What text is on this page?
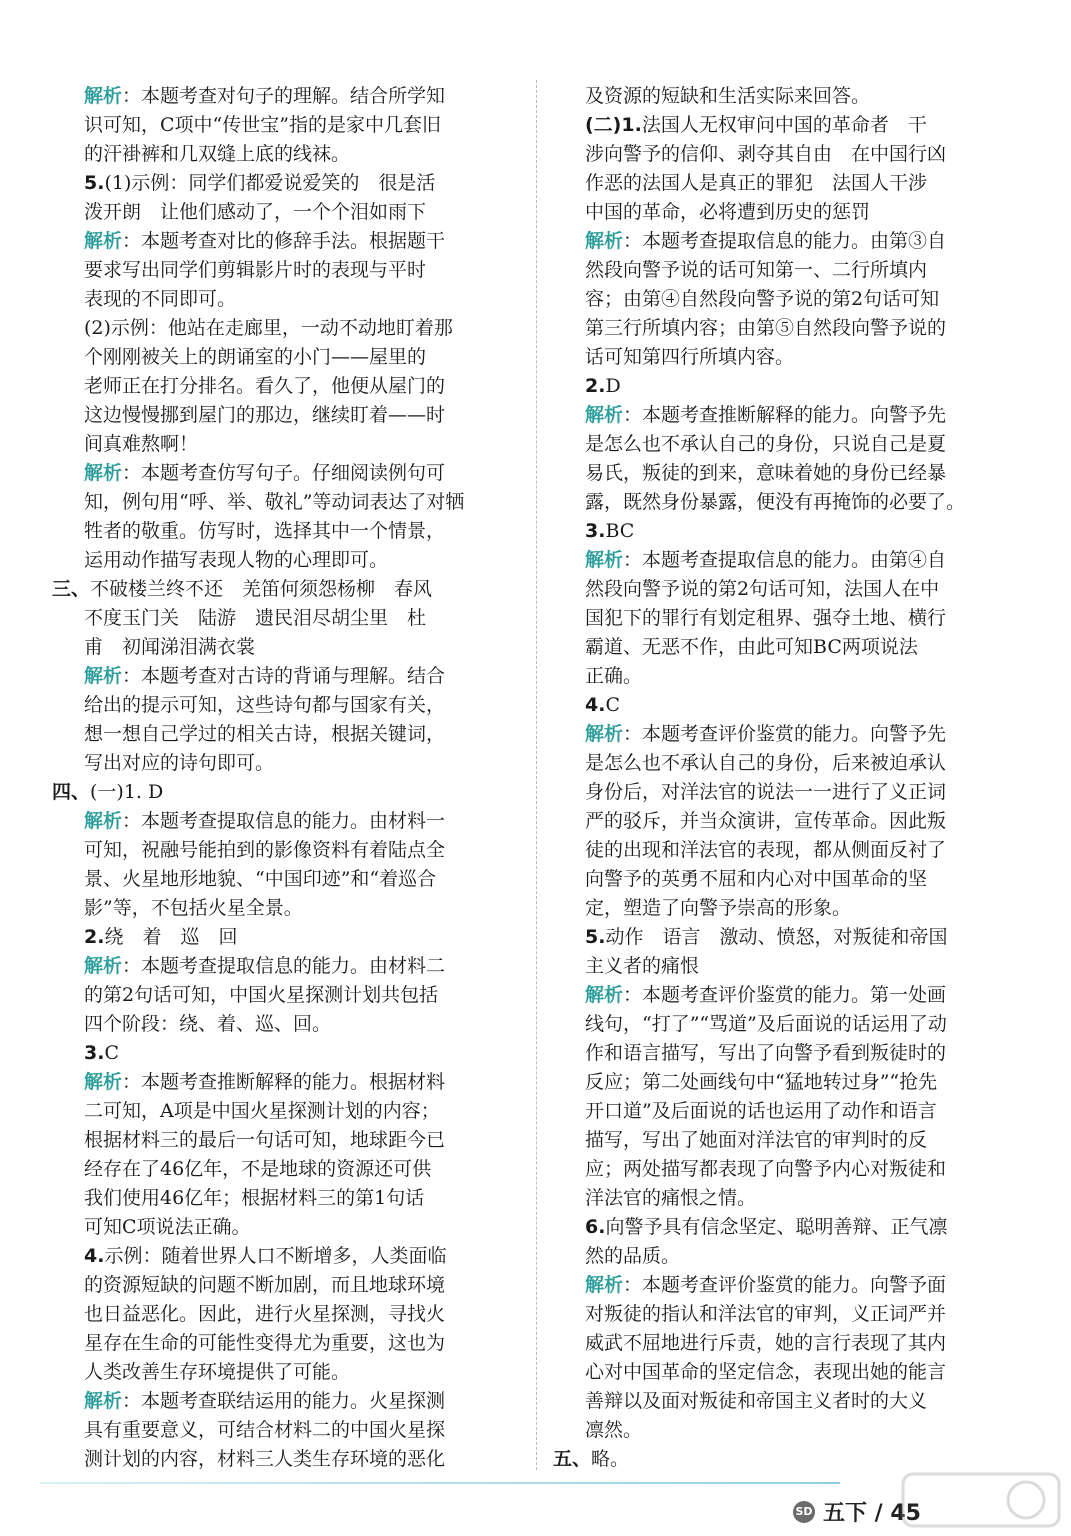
解析：本题考查对句子的理解。结合所学知
识可知，C项中“传世宝”指的是家中几套旧
的汗褂裤和几双缝上底的线袜。
5.(1)示例：同学们都爱说爱笑的　很是活
泼开朗　让他们感动了，一个个泪如雨下
解析：本题考查对比的修辞手法。根据题干
要求写出同学们剪辑影片时的表现与平时
表现的不同即可。
(2)示例：他站在走廊里，一动不动地盯着那
个刚刚被关上的朗诵室的小门——屋里的
老师正在打分排名。看久了，他便从屋门的
这边慢慢挪到屋门的那边，继续盯着——时
间真难熬啊！
解析：本题考查仿写句子。仔细阅读例句可
知，例句用“呼、举、敬礼”等动词表达了对牺
牲者的敬重。仿写时，选择其中一个情景，
运用动作描写表现人物的心理即可。
三、不破楼兰终不还　羌笛何须怨杨柳　春风
不度玉门关　陆游　遗民泪尽胡尘里　杜
甫　初闻涕泪满衣裳
解析：本题考查对古诗的背诵与理解。结合
给出的提示可知，这些诗句都与国家有关，
想一想自己学过的相关古诗，根据关键词，
写出对应的诗句即可。
四、(一)1. D
解析：本题考查提取信息的能力。由材料一
可知，祝融号能拍到的影像资料有着陆点全
景、火星地形地貌、“中国印迹”和“着巡合
影”等，不包括火星全景。
2.绕　着　巡　回
解析：本题考查提取信息的能力。由材料二
的第2句话可知，中国火星探测计划共包括
四个阶段：绕、着、巡、回。
3.C
解析：本题考查推断解释的能力。根据材料
二可知，A项是中国火星探测计划的内容；
根据材料三的最后一句话可知，地球距今已
经存在了46亿年，不是地球的资源还可供
我们使用46亿年；根据材料三的第1句话
可知C项说法正确。
4.示例：随着世界人口不断增多，人类面临
的资源短缺的问题不断加剧，而且地球环境
也日益恶化。因此，进行火星探测，寻找火
星存在生命的可能性变得尤为重要，这也为
人类改善生存环境提供了可能。
解析：本题考查联结运用的能力。火星探测
具有重要意义，可结合材料二的中国火星探
测计划的内容，材料三人类生存环境的恶化
及资源的短缺和生活实际来回答。
(二)1.法国人无权审问中国的革命者　干
涉向警予的信仰、剥夺其自由　在中国行凶
作恶的法国人是真正的罪犯　法国人干涉
中国的革命，必将遭到历史的惩罚
解析：本题考查提取信息的能力。由第③自
然段向警予说的话可知第一、二行所填内
容；由第④自然段向警予说的第2句话可知
第三行所填内容；由第⑤自然段向警予说的
话可知第四行所填内容。
2.D
解析：本题考查推断解释的能力。向警予先
是怎么也不承认自己的身份，只说自己是夏
易氏，叛徒的到来，意味着她的身份已经暴
露，既然身份暴露，便没有再掩饰的必要了。
3.BC
解析：本题考查提取信息的能力。由第④自
然段向警予说的第2句话可知，法国人在中
国犯下的罪行有划定租界、强夺土地、横行
霸道、无恶不作，由此可知BC两项说法
正确。
4.C
解析：本题考查评价鉴赏的能力。向警予先
是怎么也不承认自己的身份，后来被迫承认
身份后，对洋法官的说法一一进行了义正词
严的驳斥，并当众演讲，宣传革命。因此叛
徒的出现和洋法官的表现，都从侧面反衬了
向警予的英勇不屈和内心对中国革命的坚
定，塑造了向警予崇高的形象。
5.动作　语言　激动、愤怒，对叛徒和帝国
主义者的痛恨
解析：本题考查评价鉴赏的能力。第一处画
线句，“打了”“骂道”及后面说的话运用了动
作和语言描写，写出了向警予看到叛徒时的
反应；第二处画线句中“猛地转过身”“抢先
开口道”及后面说的话也运用了动作和语言
描写，写出了她面对洋法官的审判时的反
应；两处描写都表现了向警予内心对叛徒和
洋法官的痛恨之情。
6.向警予具有信念坚定、聪明善辩、正气凛
然的品质。
解析：本题考查评价鉴赏的能力。向警予面
对叛徒的指认和洋法官的审判，义正词严并
威武不屈地进行斥责，她的言行表现了其内
心对中国革命的坚定信念，表现出她的能言
善辩以及面对叛徒和帝国主义者时的大义
凛然。
五、略。
SD 五下 / 45
